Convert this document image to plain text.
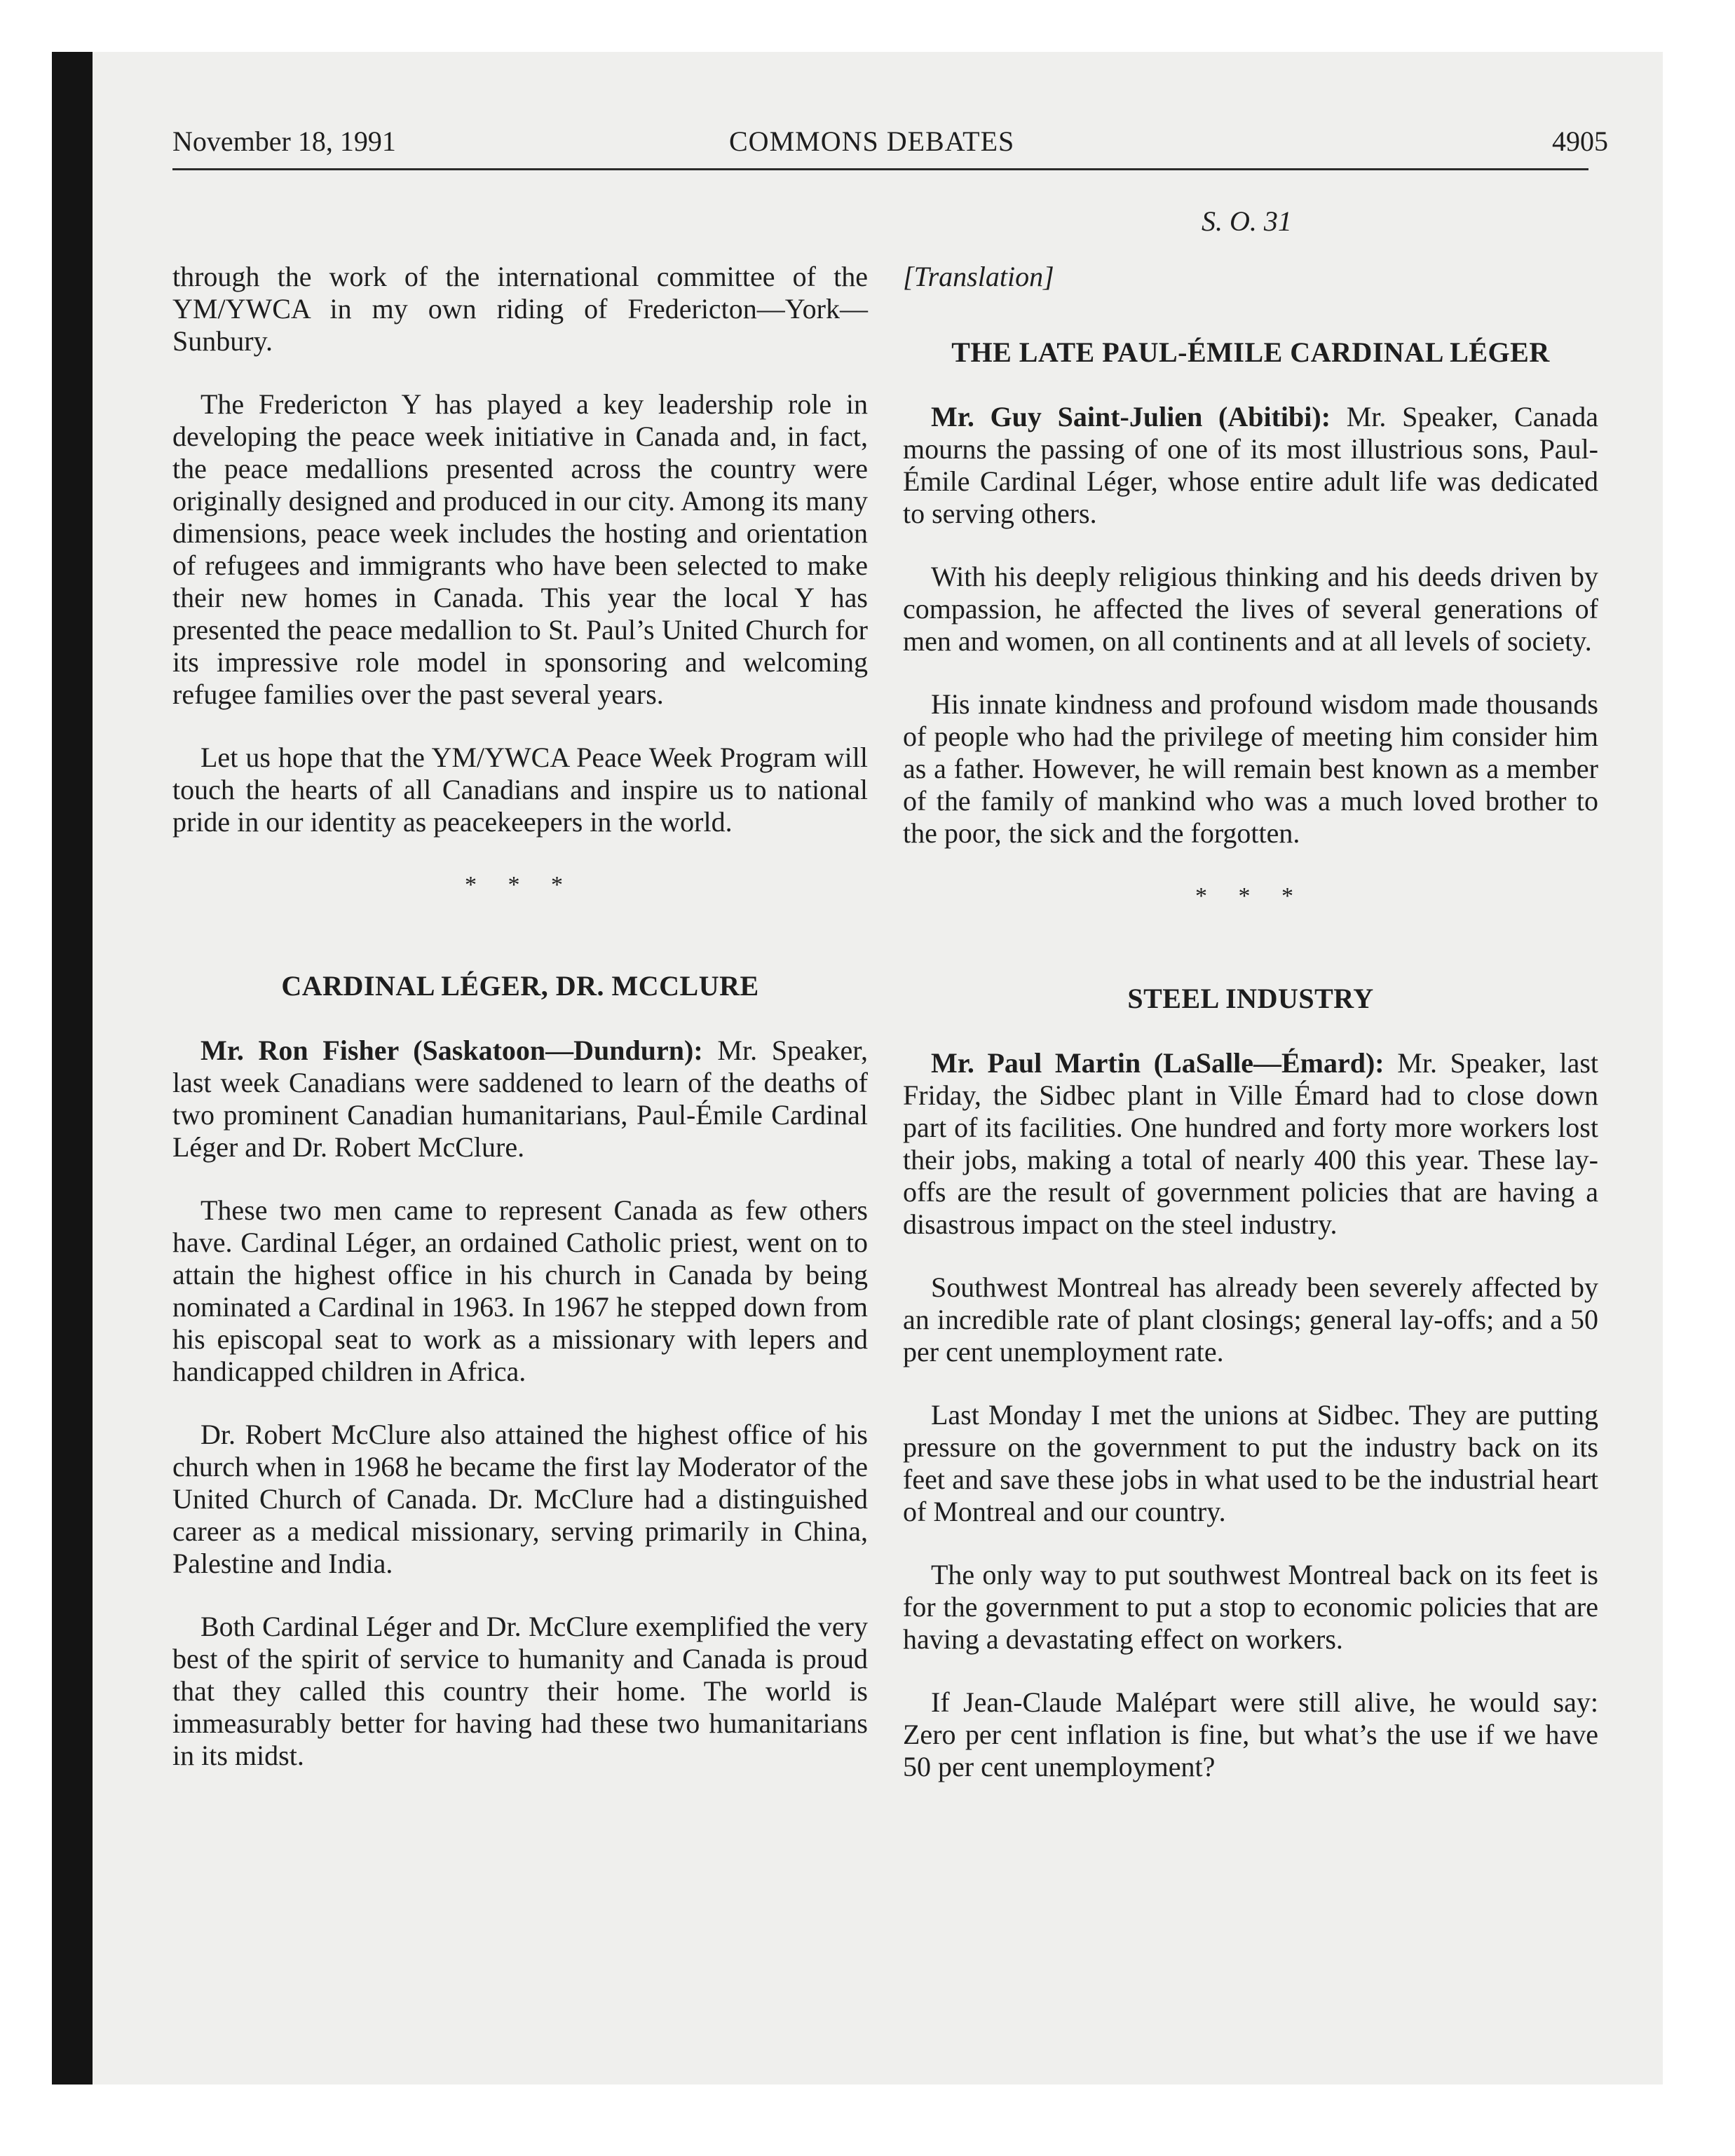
November 18, 1991	COMMONS DEBATES	4905
S. O. 31

through the work of the international committee of the YM/YWCA in my own riding of Fredericton—York—Sunbury.

The Fredericton Y has played a key leadership role in developing the peace week initiative in Canada and, in fact, the peace medallions presented across the country were originally designed and produced in our city. Among its many dimensions, peace week includes the hosting and orientation of refugees and immigrants who have been selected to make their new homes in Canada. This year the local Y has presented the peace medallion to St. Paul’s United Church for its impressive role model in sponsoring and welcoming refugee families over the past several years.

Let us hope that the YM/YWCA Peace Week Program will touch the hearts of all Canadians and inspire us to national pride in our identity as peacekeepers in the world.

* * *

CARDINAL LÉGER, DR. MCCLURE

Mr. Ron Fisher (Saskatoon—Dundurn): Mr. Speaker, last week Canadians were saddened to learn of the deaths of two prominent Canadian humanitarians, Paul-Émile Cardinal Léger and Dr. Robert McClure.

These two men came to represent Canada as few others have. Cardinal Léger, an ordained Catholic priest, went on to attain the highest office in his church in Canada by being nominated a Cardinal in 1963. In 1967 he stepped down from his episcopal seat to work as a missionary with lepers and handicapped children in Africa.

Dr. Robert McClure also attained the highest office of his church when in 1968 he became the first lay Moderator of the United Church of Canada. Dr. McClure had a distinguished career as a medical missionary, serving primarily in China, Palestine and India.

Both Cardinal Léger and Dr. McClure exemplified the very best of the spirit of service to humanity and Canada is proud that they called this country their home. The world is immeasurably better for having had these two humanitarians in its midst.

[Translation]

THE LATE PAUL-ÉMILE CARDINAL LÉGER

Mr. Guy Saint-Julien (Abitibi): Mr. Speaker, Canada mourns the passing of one of its most illustrious sons, Paul-Émile Cardinal Léger, whose entire adult life was dedicated to serving others.

With his deeply religious thinking and his deeds driven by compassion, he affected the lives of several generations of men and women, on all continents and at all levels of society.

His innate kindness and profound wisdom made thousands of people who had the privilege of meeting him consider him as a father. However, he will remain best known as a member of the family of mankind who was a much loved brother to the poor, the sick and the forgotten.

* * *

STEEL INDUSTRY

Mr. Paul Martin (LaSalle—Émard): Mr. Speaker, last Friday, the Sidbec plant in Ville Émard had to close down part of its facilities. One hundred and forty more workers lost their jobs, making a total of nearly 400 this year. These lay-offs are the result of government policies that are having a disastrous impact on the steel industry.

Southwest Montreal has already been severely affected by an incredible rate of plant closings; general lay-offs; and a 50 per cent unemployment rate.

Last Monday I met the unions at Sidbec. They are putting pressure on the government to put the industry back on its feet and save these jobs in what used to be the industrial heart of Montreal and our country.

The only way to put southwest Montreal back on its feet is for the government to put a stop to economic policies that are having a devastating effect on workers.

If Jean-Claude Malépart were still alive, he would say: Zero per cent inflation is fine, but what’s the use if we have 50 per cent unemployment?
